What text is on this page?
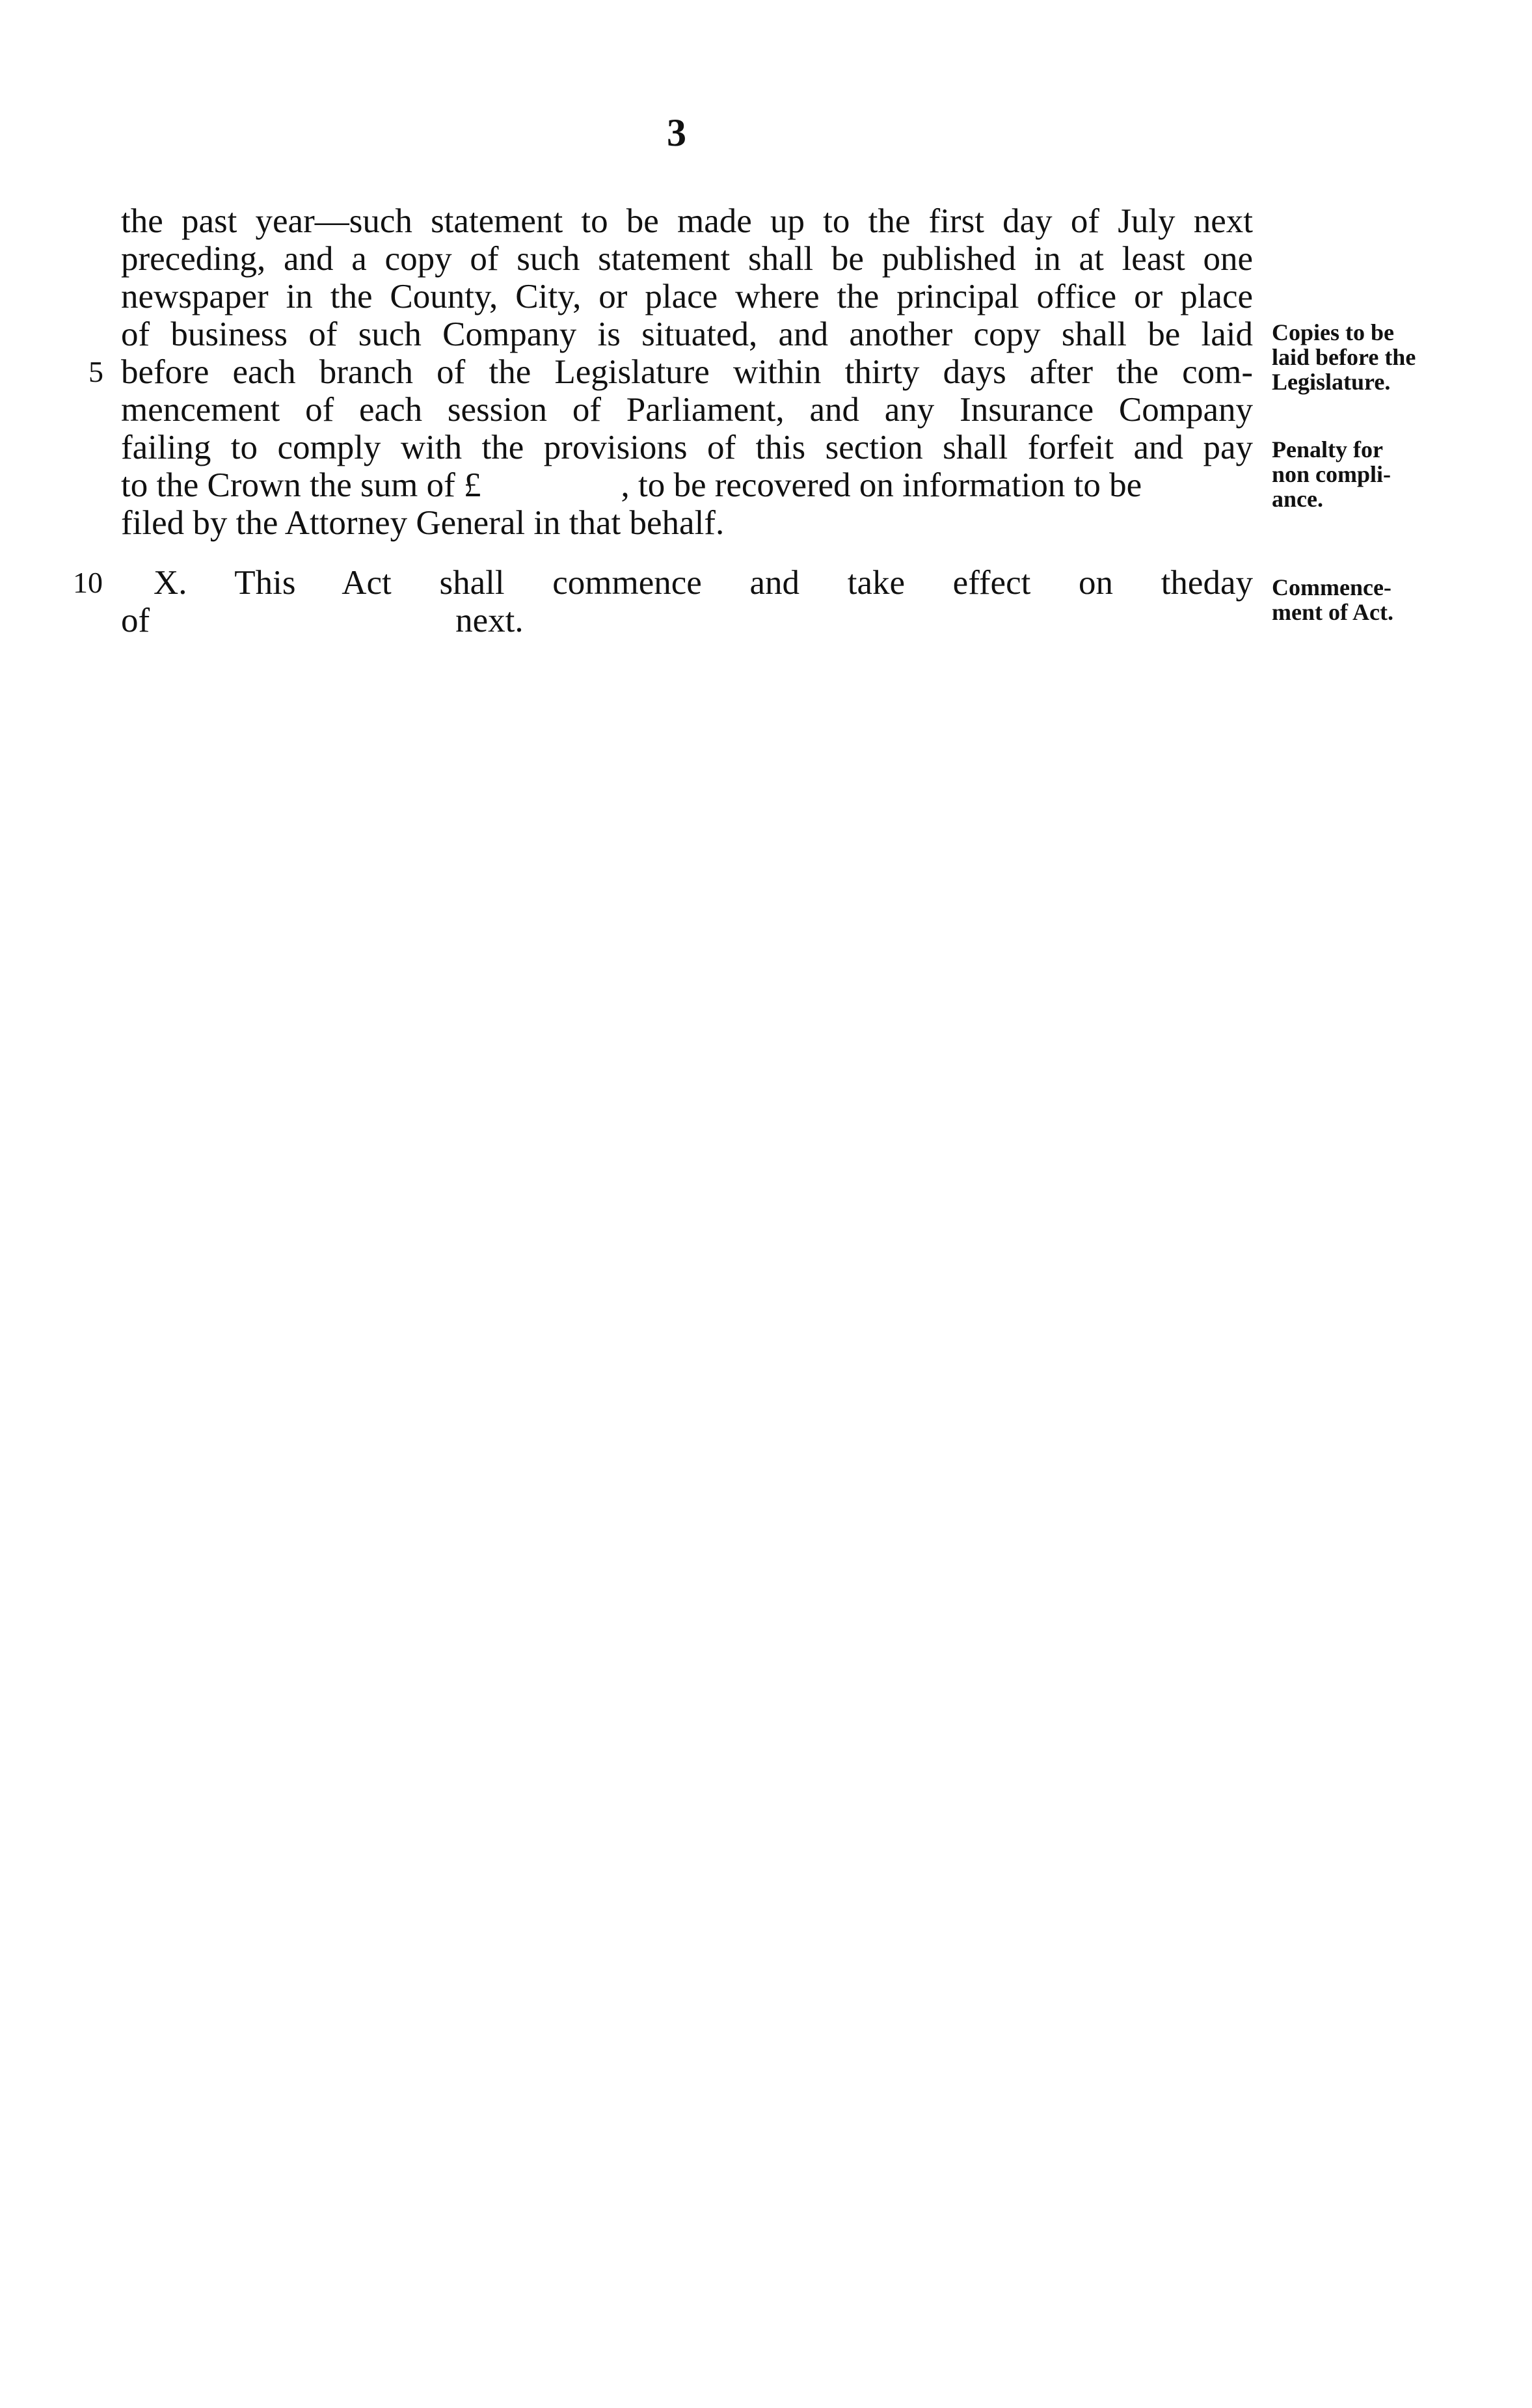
3
the past year—such statement to be made up to the first day of July next
preceding, and a copy of such statement shall be published in at least one
newspaper in the County, City, or place where the principal office or place
of business of such Company is situated, and another copy shall be laid
5 before each branch of the Legislature within thirty days after the com-
mencement of each session of Parliament, and any Insurance Company
failing to comply with the provisions of this section shall forfeit and pay
to the Crown the sum of £	, to be recovered on information to be
filed by the Attorney General in that behalf.
10 X. This Act shall commence and take effect on the day
of	next.
Copies to be
laid before the
Legislature.
Penalty for
non compli-
ance.
Commence-
ment of Act.
